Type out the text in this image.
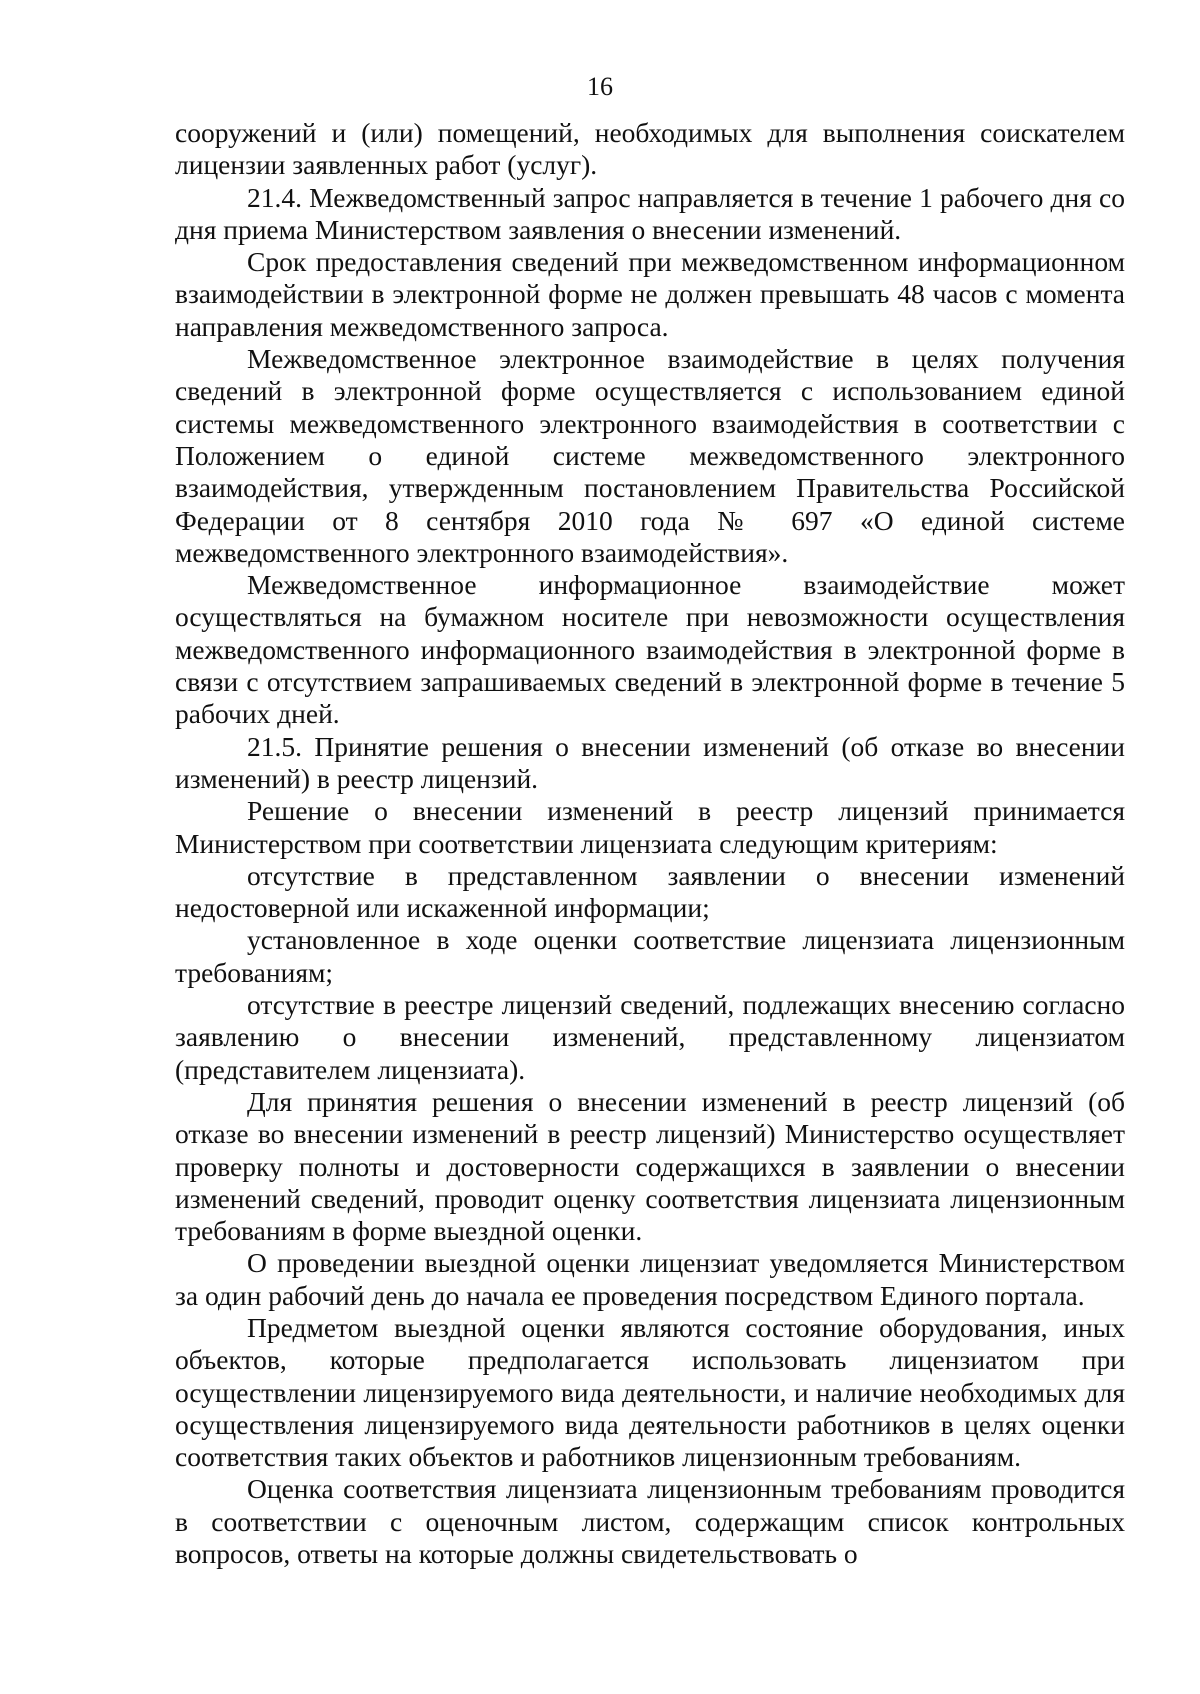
16

сооружений и (или) помещений, необходимых для выполнения соискателем лицензии заявленных работ (услуг).

21.4. Межведомственный запрос направляется в течение 1 рабочего дня со дня приема Министерством заявления о внесении изменений.

Срок предоставления сведений при межведомственном информационном взаимодействии в электронной форме не должен превышать 48 часов с момента направления межведомственного запроса.

Межведомственное электронное взаимодействие в целях получения сведений в электронной форме осуществляется с использованием единой системы межведомственного электронного взаимодействия в соответствии с Положением о единой системе межведомственного электронного взаимодействия, утвержденным постановлением Правительства Российской Федерации от 8 сентября 2010 года № 697 «О единой системе межведомственного электронного взаимодействия».

Межведомственное информационное взаимодействие может осуществляться на бумажном носителе при невозможности осуществления межведомственного информационного взаимодействия в электронной форме в связи с отсутствием запрашиваемых сведений в электронной форме в течение 5 рабочих дней.

21.5. Принятие решения о внесении изменений (об отказе во внесении изменений) в реестр лицензий.

Решение о внесении изменений в реестр лицензий принимается Министерством при соответствии лицензиата следующим критериям:

отсутствие в представленном заявлении о внесении изменений недостоверной или искаженной информации;

установленное в ходе оценки соответствие лицензиата лицензионным требованиям;

отсутствие в реестре лицензий сведений, подлежащих внесению согласно заявлению о внесении изменений, представленному лицензиатом (представителем лицензиата).

Для принятия решения о внесении изменений в реестр лицензий (об отказе во внесении изменений в реестр лицензий) Министерство осуществляет проверку полноты и достоверности содержащихся в заявлении о внесении изменений сведений, проводит оценку соответствия лицензиата лицензионным требованиям в форме выездной оценки.

О проведении выездной оценки лицензиат уведомляется Министерством за один рабочий день до начала ее проведения посредством Единого портала.

Предметом выездной оценки являются состояние оборудования, иных объектов, которые предполагается использовать лицензиатом при осуществлении лицензируемого вида деятельности, и наличие необходимых для осуществления лицензируемого вида деятельности работников в целях оценки соответствия таких объектов и работников лицензионным требованиям.

Оценка соответствия лицензиата лицензионным требованиям проводится в соответствии с оценочным листом, содержащим список контрольных вопросов, ответы на которые должны свидетельствовать о
